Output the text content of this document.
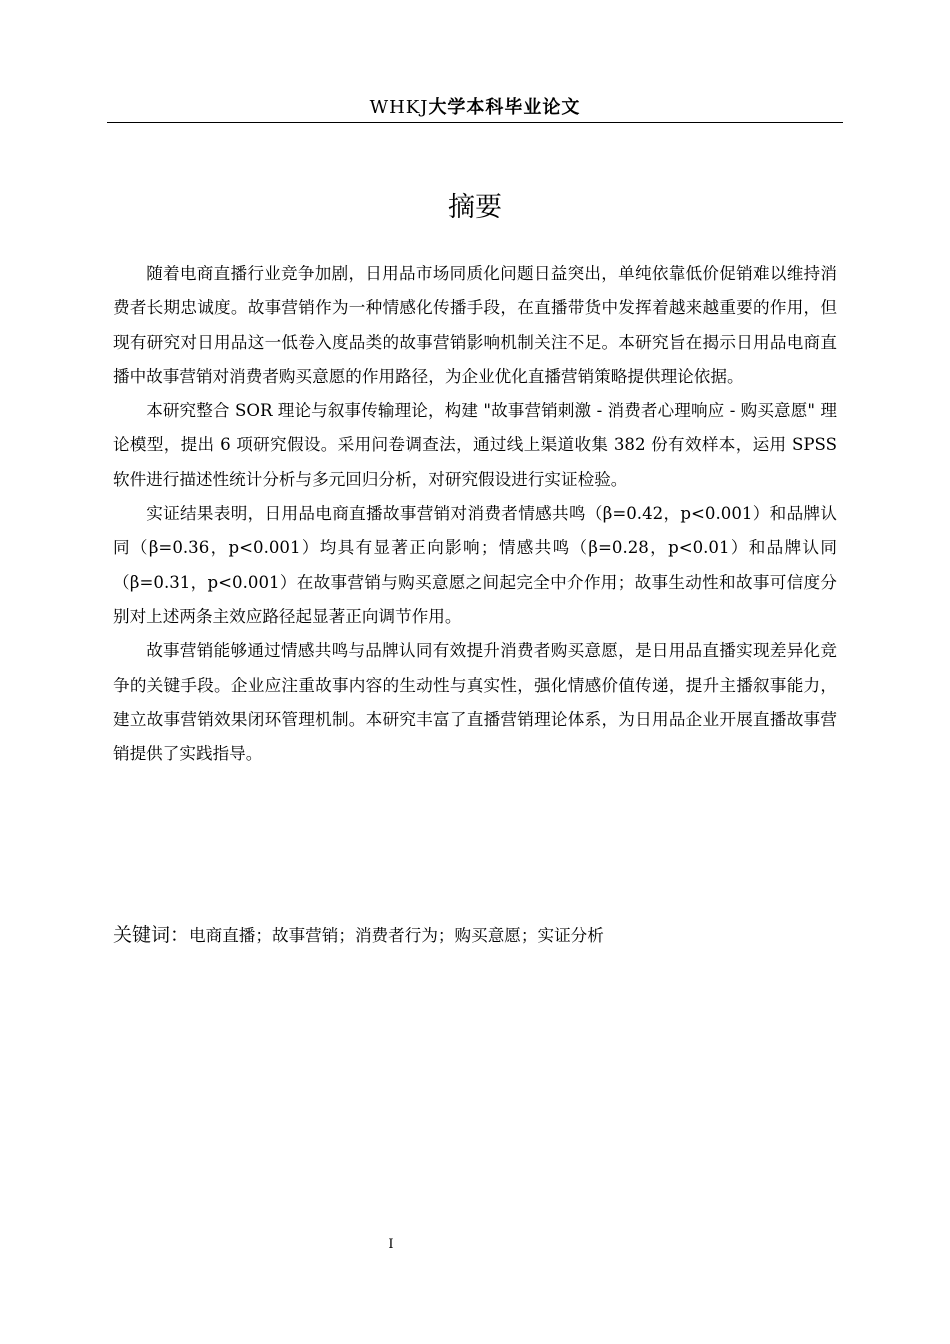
WHKJ大学本科毕业论文
摘要

随着电商直播行业竞争加剧，日用品市场同质化问题日益突出，单纯依靠低价促销难以维持消费者长期忠诚度。故事营销作为一种情感化传播手段，在直播带货中发挥着越来越重要的作用，但现有研究对日用品这一低卷入度品类的故事营销影响机制关注不足。本研究旨在揭示日用品电商直播中故事营销对消费者购买意愿的作用路径，为企业优化直播营销策略提供理论依据。

本研究整合 SOR 理论与叙事传输理论，构建 "故事营销刺激 - 消费者心理响应 - 购买意愿" 理论模型，提出 6 项研究假设。采用问卷调查法，通过线上渠道收集 382 份有效样本，运用 SPSS 软件进行描述性统计分析与多元回归分析，对研究假设进行实证检验。

实证结果表明，日用品电商直播故事营销对消费者情感共鸣（β=0.42，p<0.001）和品牌认同（β=0.36，p<0.001）均具有显著正向影响；情感共鸣（β=0.28，p<0.01）和品牌认同（β=0.31，p<0.001）在故事营销与购买意愿之间起完全中介作用；故事生动性和故事可信度分别对上述两条主效应路径起显著正向调节作用。

故事营销能够通过情感共鸣与品牌认同有效提升消费者购买意愿，是日用品直播实现差异化竞争的关键手段。企业应注重故事内容的生动性与真实性，强化情感价值传递，提升主播叙事能力，建立故事营销效果闭环管理机制。本研究丰富了直播营销理论体系，为日用品企业开展直播故事营销提供了实践指导。

关键词：电商直播；故事营销；消费者行为；购买意愿；实证分析
I
